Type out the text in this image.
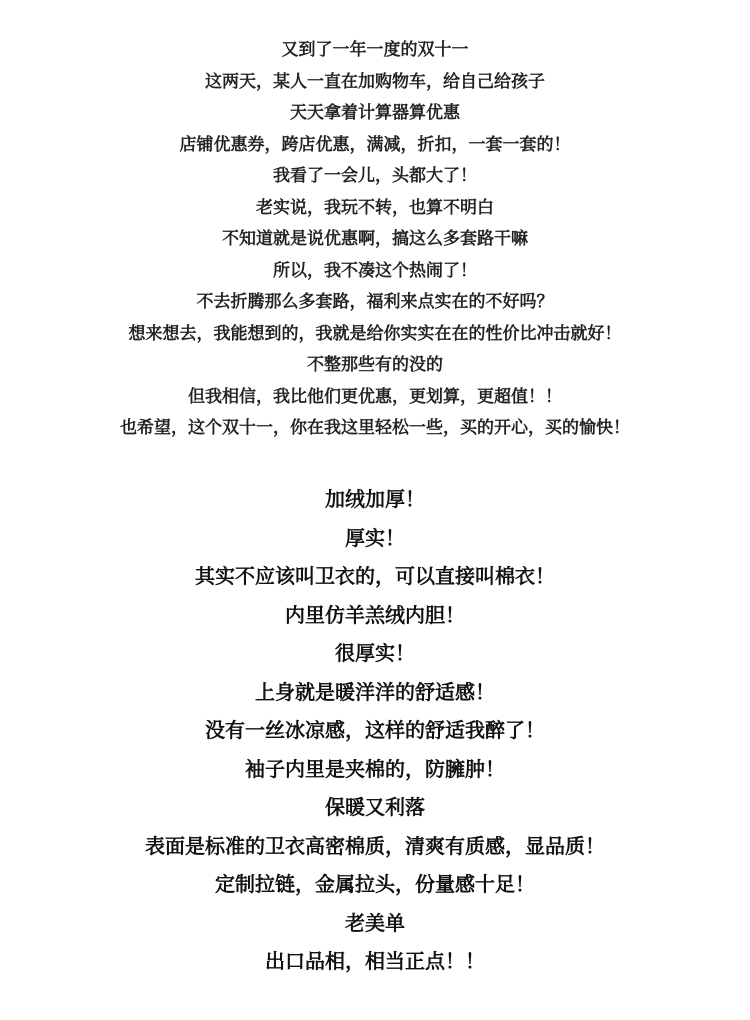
又到了一年一度的双十一
这两天，某人一直在加购物车，给自己给孩子
天天拿着计算器算优惠
店铺优惠券，跨店优惠，满减，折扣，一套一套的！
我看了一会儿，头都大了！
老实说，我玩不转，也算不明白
不知道就是说优惠啊，搞这么多套路干嘛
所以，我不凑这个热闹了！
不去折腾那么多套路，福利来点实在的不好吗？
想来想去，我能想到的，我就是给你实实在在的性价比冲击就好！
不整那些有的没的
但我相信，我比他们更优惠，更划算，更超值！！
也希望，这个双十一，你在我这里轻松一些，买的开心，买的愉快！
加绒加厚！
厚实！
其实不应该叫卫衣的，可以直接叫棉衣！
内里仿羊羔绒内胆！
很厚实！
上身就是暖洋洋的舒适感！
没有一丝冰凉感，这样的舒适我醉了！
袖子内里是夹棉的，防臃肿！
保暖又利落
表面是标准的卫衣高密棉质，清爽有质感，显品质！
定制拉链，金属拉头，份量感十足！
老美单
出口品相，相当正点！！
